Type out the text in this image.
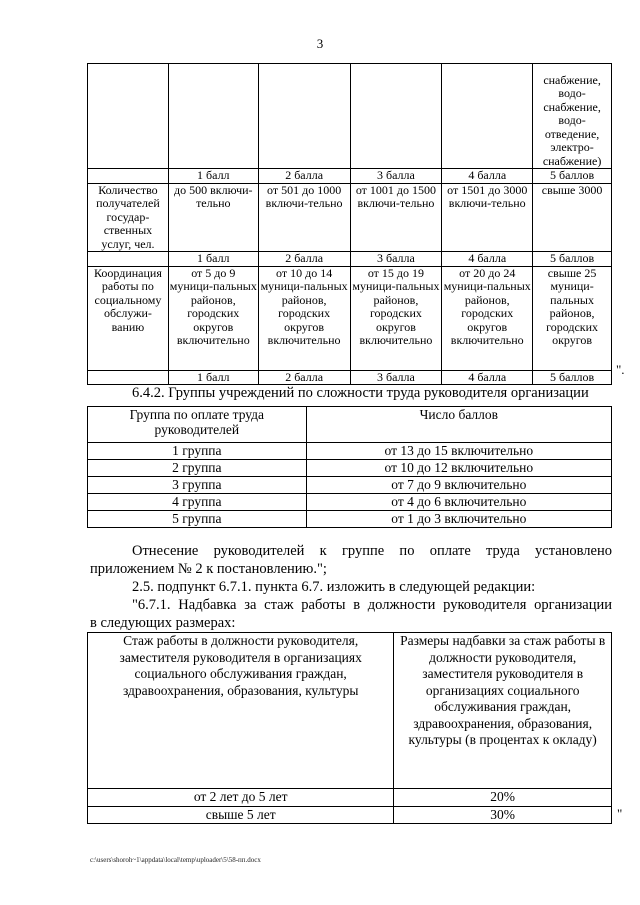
3
					снабжение, водо-снабжение, водо-отведение, электро-снабжение)
	1 балл	2 балла	3 балла	4 балла	5 баллов
Количество получателей государ-ственных услуг, чел.	до 500 включи-тельно	от 501 до 1000 включи-тельно	от 1001 до 1500 включи-тельно	от 1501 до 3000 включи-тельно	свыше 3000
	1 балл	2 балла	3 балла	4 балла	5 баллов
Координация работы по социальному обслужи-ванию	от 5 до 9 муници-пальных районов, городских округов включительно	от 10 до 14 муници-пальных районов, городских округов включительно	от 15 до 19 муници-пальных районов, городских округов включительно	от 20 до 24 муници-пальных районов, городских округов включительно	свыше 25 муници-пальных районов, городских округов
	1 балл	2 балла	3 балла	4 балла	5 баллов ".
6.4.2. Группы учреждений по сложности труда руководителя организации
Группа по оплате труда руководителей	Число баллов
1 группа	от 13 до 15 включительно
2 группа	от 10 до 12 включительно
3 группа	от 7 до 9 включительно
4 группа	от 4 до 6 включительно
5 группа	от 1 до 3 включительно
Отнесение руководителей к группе по оплате труда установлено
приложением № 2 к постановлению.";
2.5. подпункт 6.7.1. пункта 6.7. изложить в следующей редакции:
"6.7.1. Надбавка за стаж работы в должности руководителя организации
в следующих размерах:
Стаж работы в должности руководителя, заместителя руководителя в организациях социального обслуживания граждан, здравоохранения, образования, культуры	Размеры надбавки за стаж работы в должности руководителя, заместителя руководителя в организациях социального обслуживания граждан, здравоохранения, образования, культуры (в процентах к окладу)
от 2 лет до 5 лет	20%
свыше 5 лет	30%	"
c:\users\shoroh~1\appdata\local\temp\uploader\5\58-пп.docx
